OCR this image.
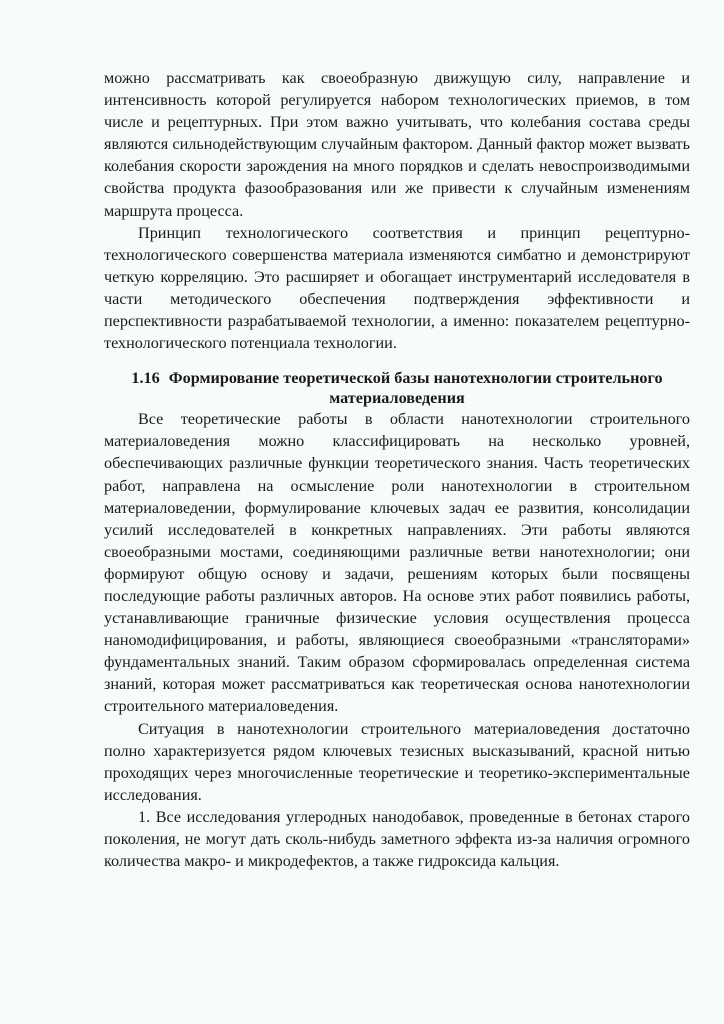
можно рассматривать как своеобразную движущую силу, направление и интенсивность которой регулируется набором технологических приемов, в том числе и рецептурных. При этом важно учитывать, что колебания состава среды являются сильнодействующим случайным фактором. Данный фактор может вызвать колебания скорости зарождения на много порядков и сделать невоспроизводимыми свойства продукта фазообразования или же привести к случайным изменениям маршрута процесса.

Принцип технологического соответствия и принцип рецептурно-технологического совершенства материала изменяются симбатно и демонстрируют четкую корреляцию. Это расширяет и обогащает инструментарий исследователя в части методического обеспечения подтверждения эффективности и перспективности разрабатываемой технологии, а именно: показателем рецептурно-технологического потенциала технологии.

1.16 Формирование теоретической базы нанотехнологии строительного материаловедения

Все теоретические работы в области нанотехнологии строительного материаловедения можно классифицировать на несколько уровней, обеспечивающих различные функции теоретического знания. Часть теоретических работ, направлена на осмысление роли нанотехнологии в строительном материаловедении, формулирование ключевых задач ее развития, консолидации усилий исследователей в конкретных направлениях. Эти работы являются своеобразными мостами, соединяющими различные ветви нанотехнологии; они формируют общую основу и задачи, решениям которых были посвящены последующие работы различных авторов. На основе этих работ появились работы, устанавливающие граничные физические условия осуществления процесса наномодифицирования, и работы, являющиеся своеобразными «трансляторами» фундаментальных знаний. Таким образом сформировалась определенная система знаний, которая может рассматриваться как теоретическая основа нанотехнологии строительного материаловедения.

Ситуация в нанотехнологии строительного материаловедения достаточно полно характеризуется рядом ключевых тезисных высказываний, красной нитью проходящих через многочисленные теоретические и теоретико-экспериментальные исследования.

1. Все исследования углеродных нанодобавок, проведенные в бетонах старого поколения, не могут дать сколь-нибудь заметного эффекта из-за наличия огромного количества макро- и микродефектов, а также гидроксида кальция.
